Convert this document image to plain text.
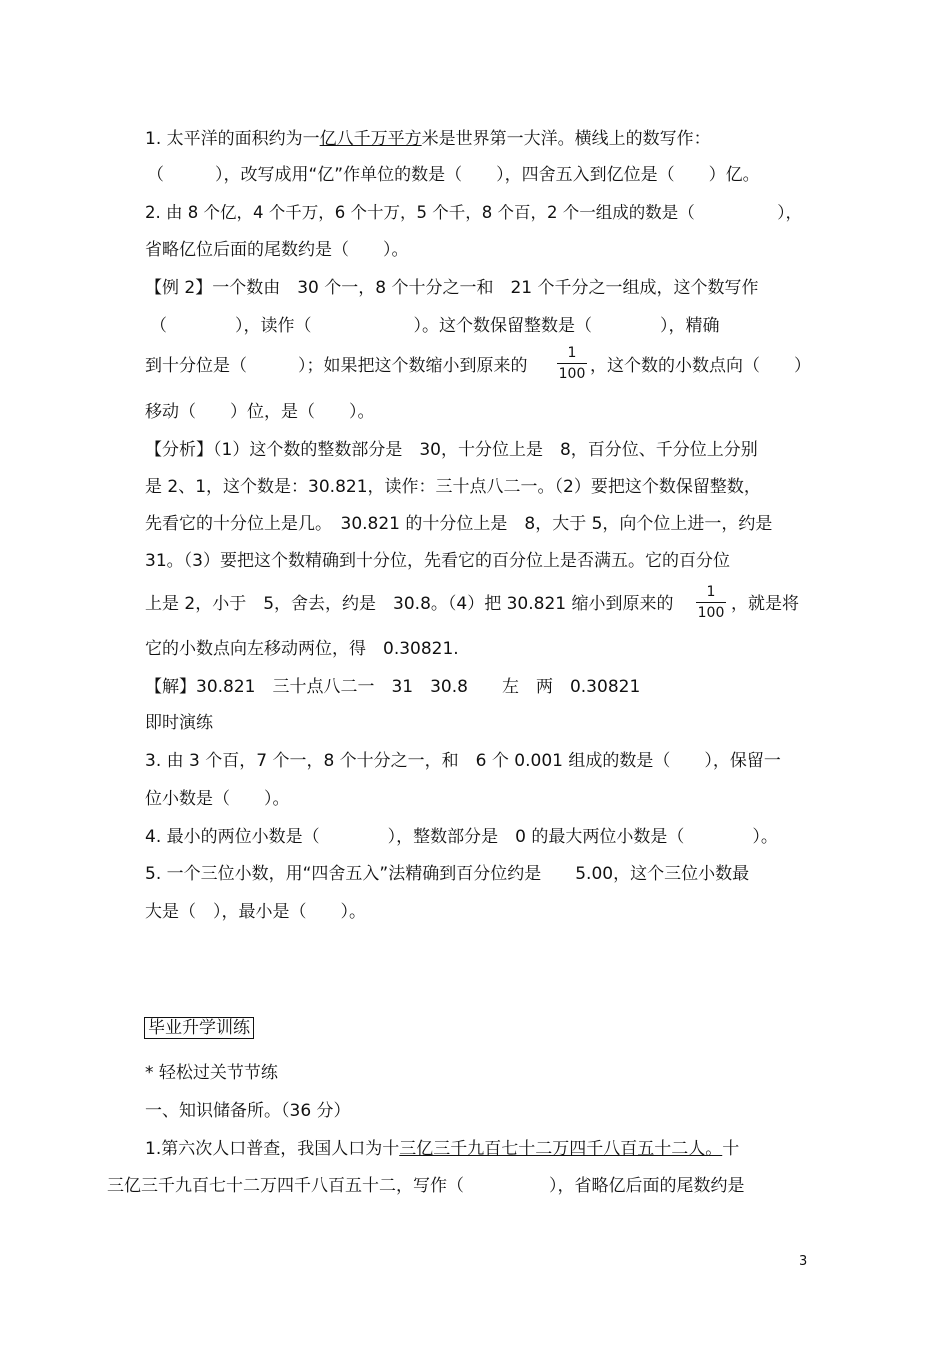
1. 太平洋的面积约为一亿八千万平方米是世界第一大洋。横线上的数写作：
（　　　），改写成用“亿”作单位的数是（　　），四舍五入到亿位是（　　）亿。
2. 由 8 个亿，4 个千万，6 个十万，5 个千，8 个百，2 个一组成的数是（　　　　　），
省略亿位后面的尾数约是（　　）。
【例 2】一个数由　30 个一，8 个十分之一和　21 个千分之一组成，这个数写作
（　　　　），读作（　　　　　　）。这个数保留整数是（　　　　），精确
到十分位是（　　　）；如果把这个数缩小到原来的
1
100 ，这个数的小数点向（　　）
移动（　　）位，是（　　）。
【分析】（1）这个数的整数部分是　30，十分位上是　8，百分位、千分位上分别
是 2、1，这个数是：30.821，读作：三十点八二一。（2）要把这个数保留整数，
先看它的十分位上是几。　30.821 的十分位上是　8，大于 5，向个位上进一，约是
31。（3）要把这个数精确到十分位，先看它的百分位上是否满五。它的百分位
上是 2，小于　5，舍去，约是　30.8。（4）把 30.821 缩小到原来的
1
100 ，就是将
它的小数点向左移动两位，得　0.30821.
【解】30.821　三十点八二一　31　30.8　　左　两　0.30821
即时演练
3. 由 3 个百，7 个一，8 个十分之一，和　6 个 0.001 组成的数是（　　），保留一
位小数是（　　）。
4. 最小的两位小数是（　　　　），整数部分是　0 的最大两位小数是（　　　　）。
5. 一个三位小数，用“四舍五入”法精确到百分位约是　　5.00，这个三位小数最
大是（　），最小是（　　）。
毕业升学训练
* 轻松过关节节练
一、知识储备所。（36 分）
1.第六次人口普查，我国人口为十三亿三千九百七十二万四千八百五十二人。十
三亿三千九百七十二万四千八百五十二，写作（　　　　　），省略亿后面的尾数约是
3
